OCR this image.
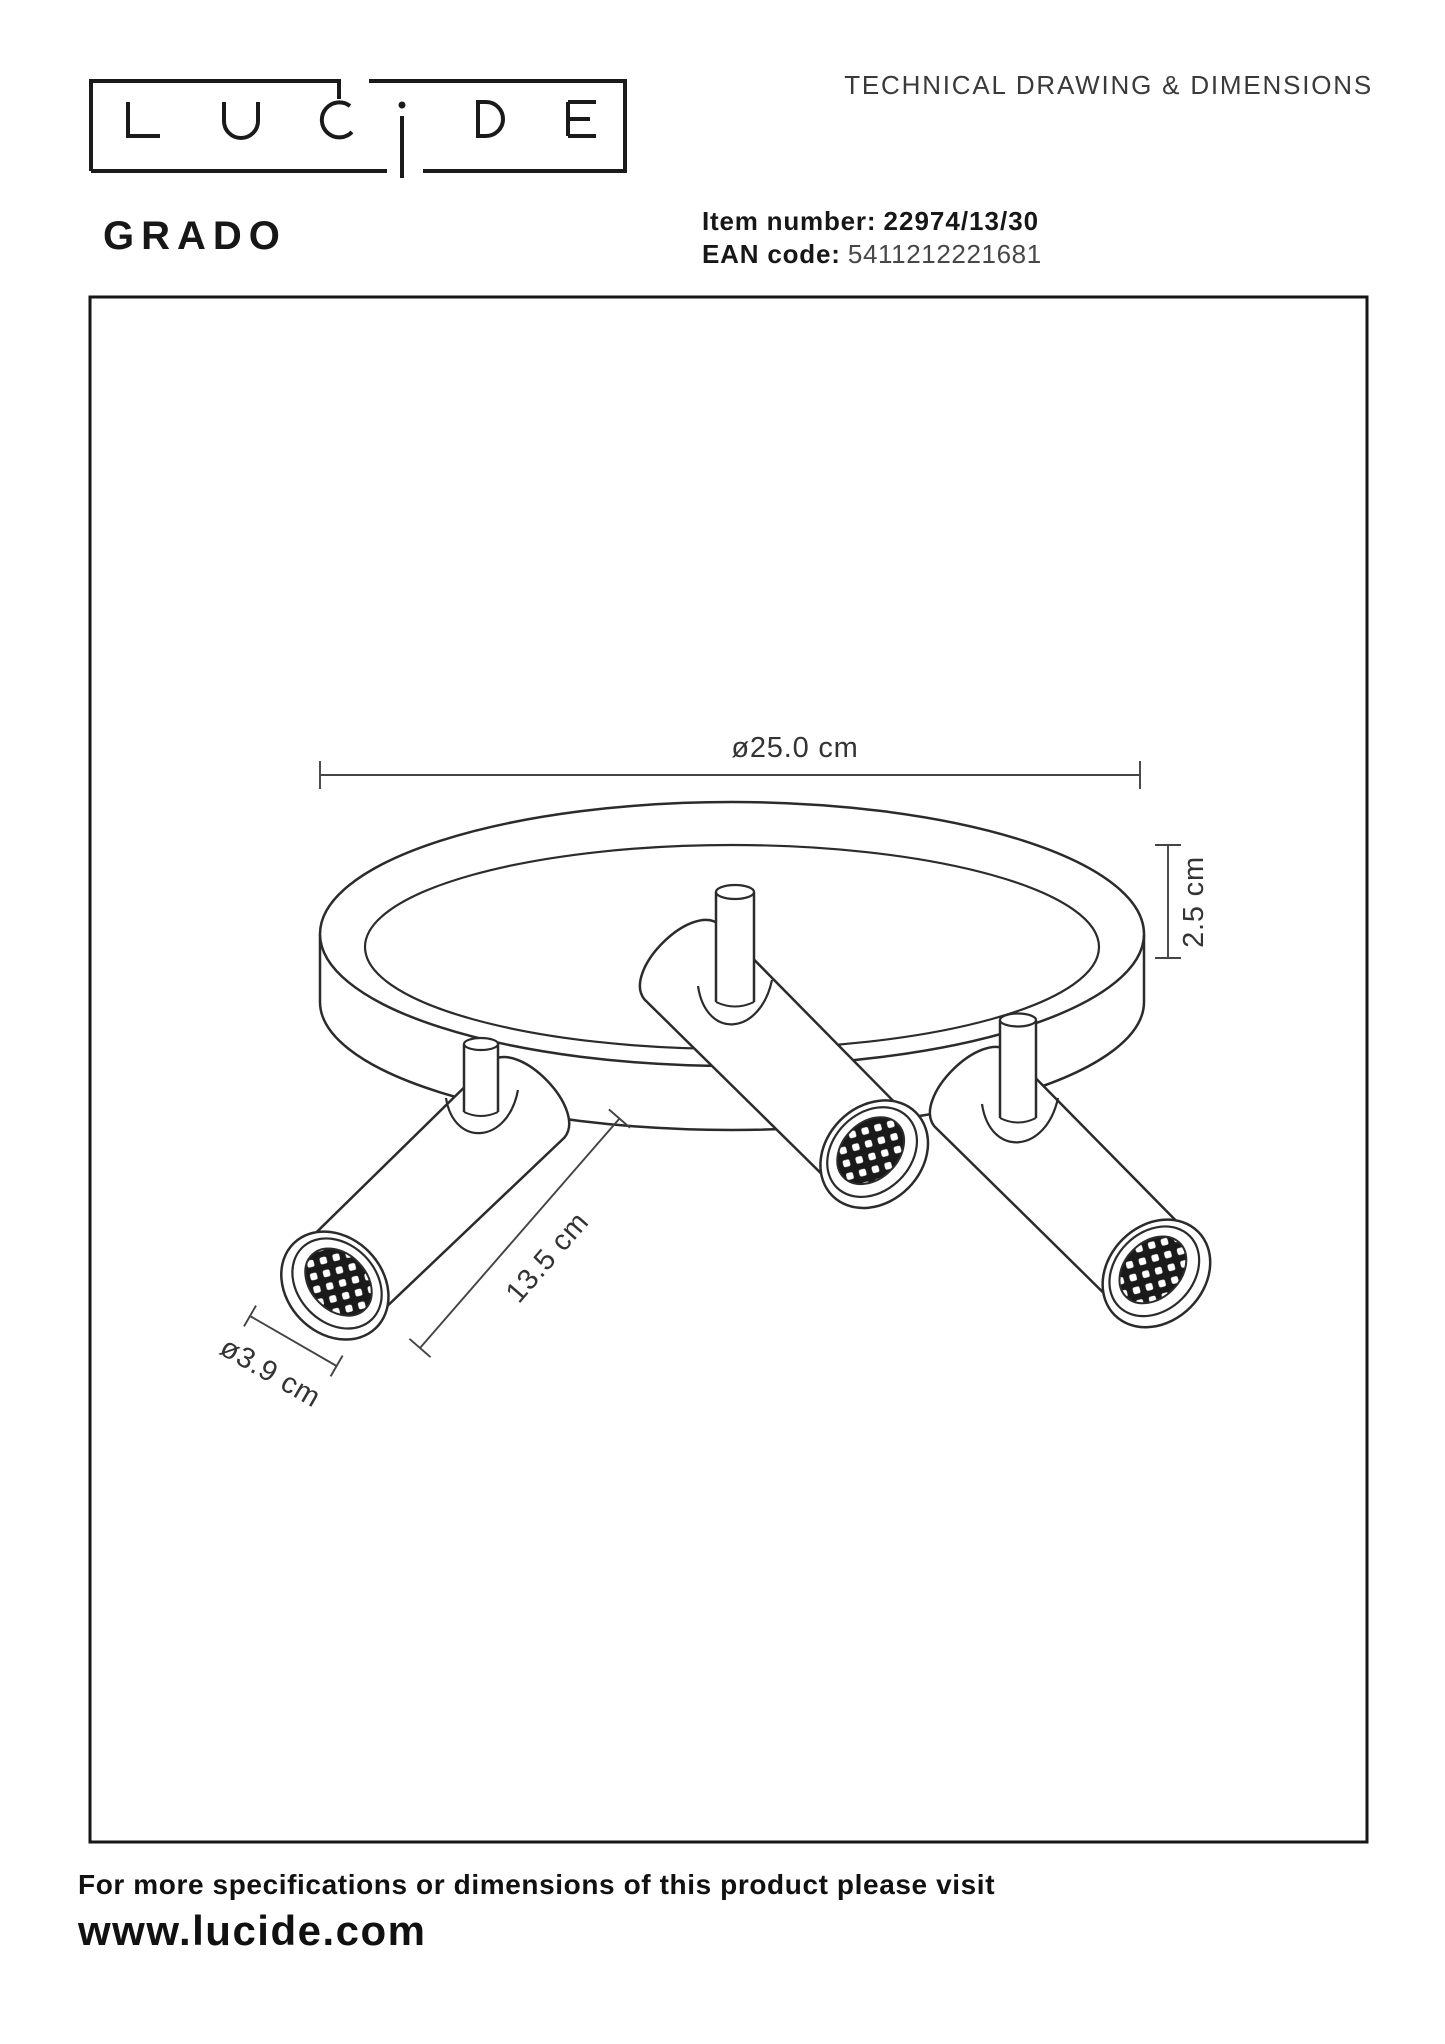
TECHNICAL DRAWING & DIMENSIONS
GRADO	Item number: 22974/13/30
EAN code: 5411212221681
ø25.0 cm
2.5 cm
13.5 cm
ø3.9 cm
For more specifications or dimensions of this product please visit
www.lucide.com
